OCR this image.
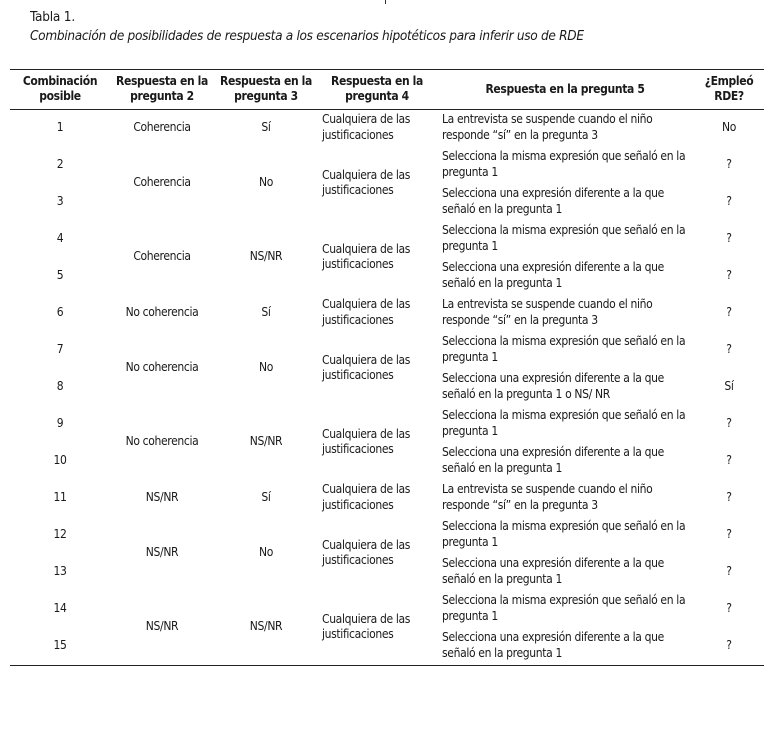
Tabla 1.
Combinación de posibilidades de respuesta a los escenarios hipotéticos para inferir uso de RDE
Combinación posible	Respuesta en la pregunta 2	Respuesta en la pregunta 3	Respuesta en la pregunta 4	Respuesta en la pregunta 5	¿Empleó RDE?
1	Coherencia	Sí	Cualquiera de las justificaciones	La entrevista se suspende cuando el niño responde “sí” en la pregunta 3	No
2	Coherencia	No	Cualquiera de las justificaciones	Selecciona la misma expresión que señaló en la pregunta 1	?
3				Selecciona una expresión diferente a la que señaló en la pregunta 1	?
4	Coherencia	NS/NR	Cualquiera de las justificaciones	Selecciona la misma expresión que señaló en la pregunta 1	?
5				Selecciona una expresión diferente a la que señaló en la pregunta 1	?
6	No coherencia	Sí	Cualquiera de las justificaciones	La entrevista se suspende cuando el niño responde “sí” en la pregunta 3	?
7	No coherencia	No	Cualquiera de las justificaciones	Selecciona la misma expresión que señaló en la pregunta 1	?
8				Selecciona una expresión diferente a la que señaló en la pregunta 1 o NS/ NR	Sí
9	No coherencia	NS/NR	Cualquiera de las justificaciones	Selecciona la misma expresión que señaló en la pregunta 1	?
10				Selecciona una expresión diferente a la que señaló en la pregunta 1	?
11	NS/NR	Sí	Cualquiera de las justificaciones	La entrevista se suspende cuando el niño responde “sí” en la pregunta 3	?
12	NS/NR	No	Cualquiera de las justificaciones	Selecciona la misma expresión que señaló en la pregunta 1	?
13				Selecciona una expresión diferente a la que señaló en la pregunta 1	?
14	NS/NR	NS/NR	Cualquiera de las justificaciones	Selecciona la misma expresión que señaló en la pregunta 1	?
15				Selecciona una expresión diferente a la que señaló en la pregunta 1	?
